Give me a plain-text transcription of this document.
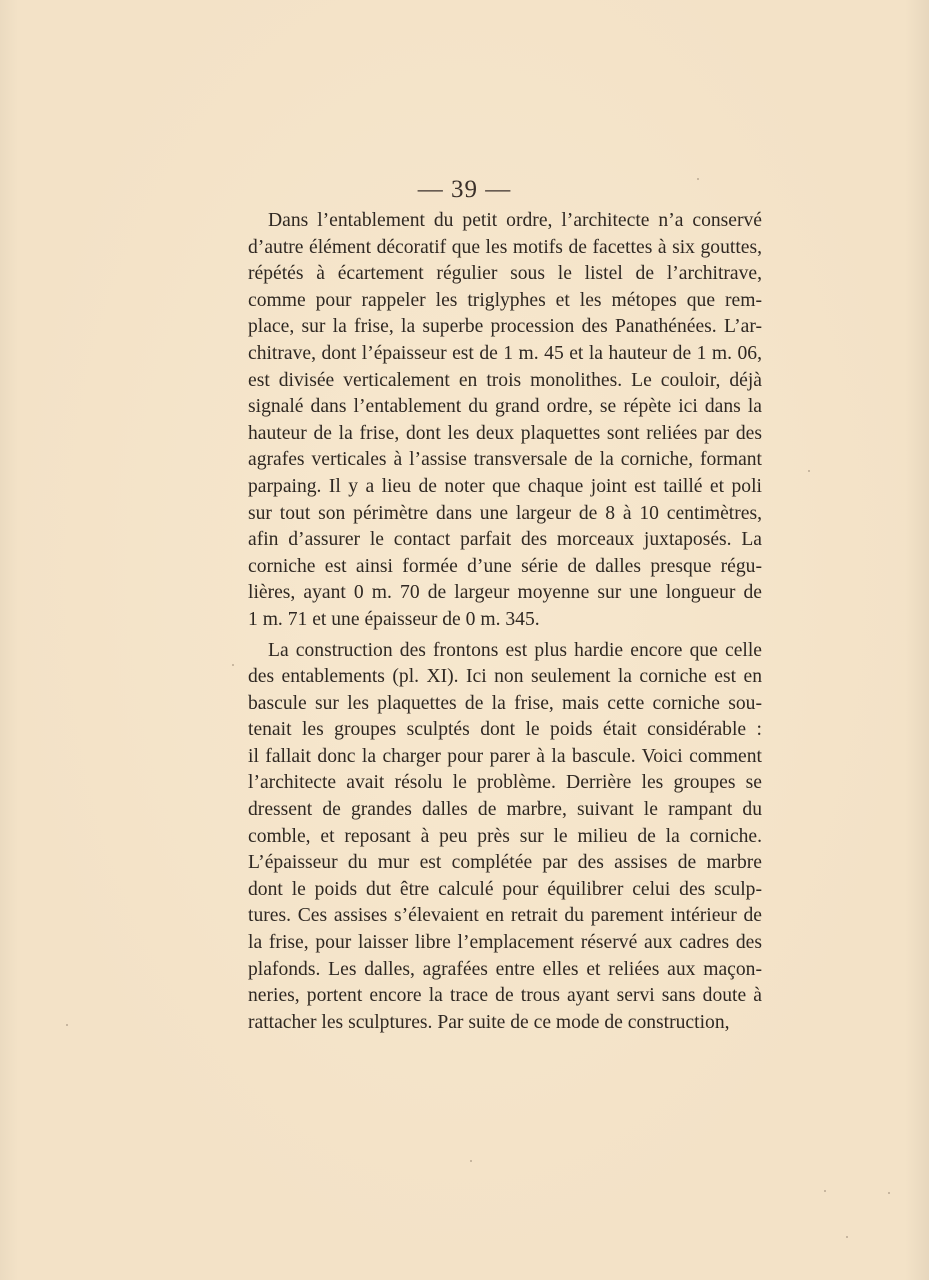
— 39 —

Dans l’entablement du petit ordre, l’architecte n’a conservé
d’autre élément décoratif que les motifs de facettes à six gouttes,
répétés à écartement régulier sous le listel de l’architrave,
comme pour rappeler les triglyphes et les métopes que rem-
place, sur la frise, la superbe procession des Panathénées. L’ar-
chitrave, dont l’épaisseur est de 1 m. 45 et la hauteur de 1 m. 06,
est divisée verticalement en trois monolithes. Le couloir, déjà
signalé dans l’entablement du grand ordre, se répète ici dans la
hauteur de la frise, dont les deux plaquettes sont reliées par des
agrafes verticales à l’assise transversale de la corniche, formant
parpaing. Il y a lieu de noter que chaque joint est taillé et poli
sur tout son périmètre dans une largeur de 8 à 10 centimètres,
afin d’assurer le contact parfait des morceaux juxtaposés. La
corniche est ainsi formée d’une série de dalles presque régu-
lières, ayant 0 m. 70 de largeur moyenne sur une longueur de
1 m. 71 et une épaisseur de 0 m. 345.

La construction des frontons est plus hardie encore que celle
des entablements (pl. XI). Ici non seulement la corniche est en
bascule sur les plaquettes de la frise, mais cette corniche sou-
tenait les groupes sculptés dont le poids était considérable :
il fallait donc la charger pour parer à la bascule. Voici comment
l’architecte avait résolu le problème. Derrière les groupes se
dressent de grandes dalles de marbre, suivant le rampant du
comble, et reposant à peu près sur le milieu de la corniche.
L’épaisseur du mur est complétée par des assises de marbre
dont le poids dut être calculé pour équilibrer celui des sculp-
tures. Ces assises s’élevaient en retrait du parement intérieur de
la frise, pour laisser libre l’emplacement réservé aux cadres des
plafonds. Les dalles, agrafées entre elles et reliées aux maçon-
neries, portent encore la trace de trous ayant servi sans doute à
rattacher les sculptures. Par suite de ce mode de construction,
